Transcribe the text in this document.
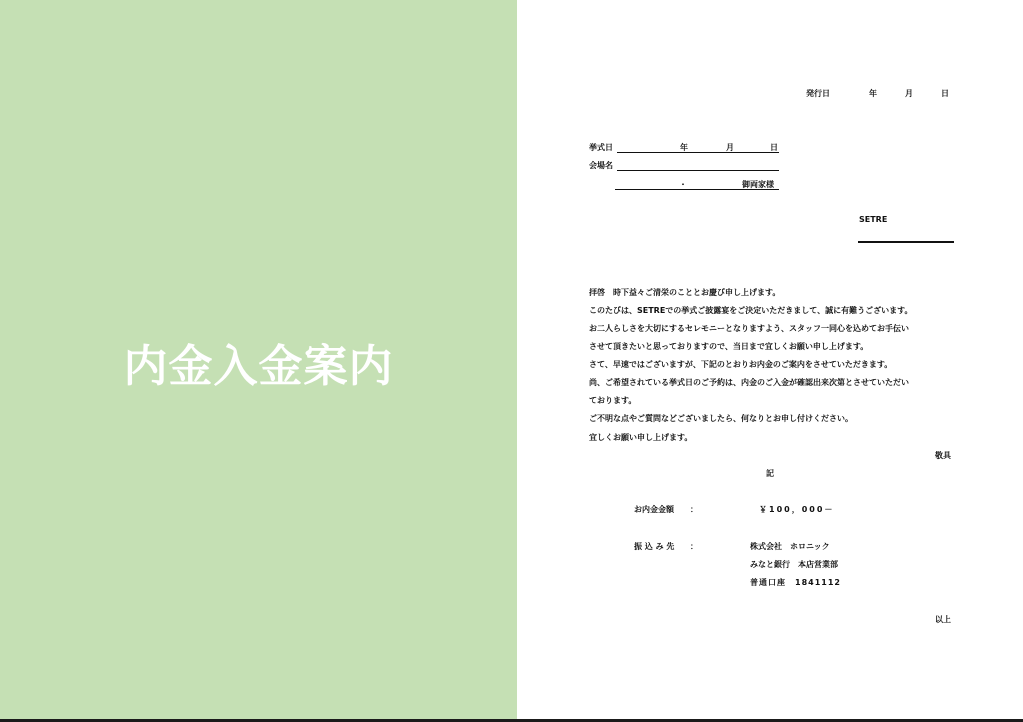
内金入金案内
発行日	年	月	日
挙式日	年	月	日
会場名
・	御両家様
SETRE
拝啓　時下益々ご清栄のこととお慶び申し上げます。
このたびは、SETREでの挙式ご披露宴をご決定いただきまして、誠に有難うございます。
お二人らしさを大切にするセレモニーとなりますよう、スタッフ一同心を込めてお手伝い
させて頂きたいと思っておりますので、当日まで宜しくお願い申し上げます。
さて、早速ではございますが、下記のとおりお内金のご案内をさせていただきます。
尚、ご希望されている挙式日のご予約は、内金のご入金が確認出来次第とさせていただい
ております。
ご不明な点やご質問などございましたら、何なりとお申し付けください。
宜しくお願い申し上げます。
敬具
記
お内金金額 ：	￥100，000－
振 込 み 先 ：	株式会社　ホロニック
みなと銀行　本店営業部
普通口座　1841112
以上
